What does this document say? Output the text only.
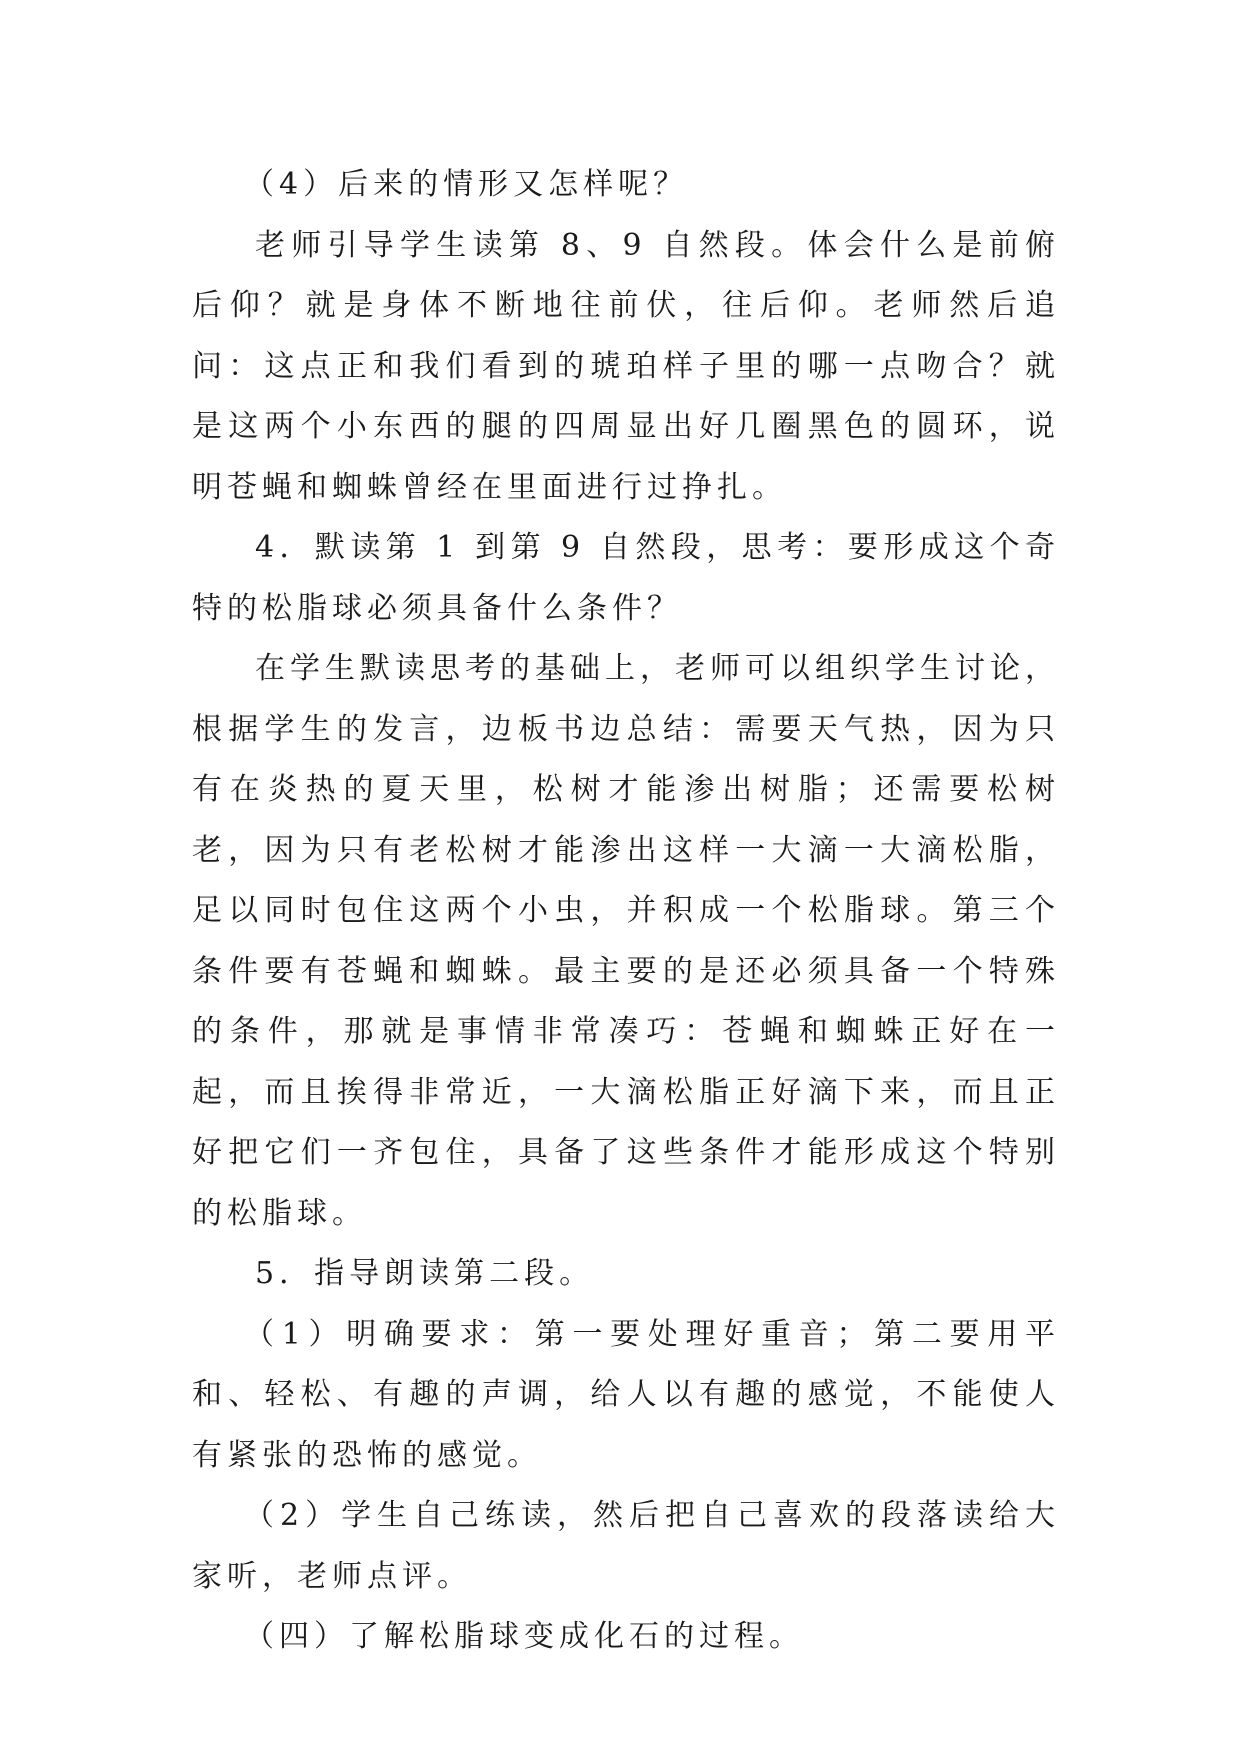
（4）后来的情形又怎样呢？

老师引导学生读第 8、9 自然段。体会什么是前俯后仰？就是身体不断地往前伏，往后仰。老师然后追问：这点正和我们看到的琥珀样子里的哪一点吻合？就是这两个小东西的腿的四周显出好几圈黑色的圆环，说明苍蝇和蜘蛛曾经在里面进行过挣扎。

4．默读第 1 到第 9 自然段，思考：要形成这个奇特的松脂球必须具备什么条件？

在学生默读思考的基础上，老师可以组织学生讨论，根据学生的发言，边板书边总结：需要天气热，因为只有在炎热的夏天里，松树才能渗出树脂；还需要松树老，因为只有老松树才能渗出这样一大滴一大滴松脂，足以同时包住这两个小虫，并积成一个松脂球。第三个条件要有苍蝇和蜘蛛。最主要的是还必须具备一个特殊的条件，那就是事情非常凑巧：苍蝇和蜘蛛正好在一起，而且挨得非常近，一大滴松脂正好滴下来，而且正好把它们一齐包住，具备了这些条件才能形成这个特别的松脂球。

5．指导朗读第二段。

（1）明确要求：第一要处理好重音；第二要用平和、轻松、有趣的声调，给人以有趣的感觉，不能使人有紧张的恐怖的感觉。

（2）学生自己练读，然后把自己喜欢的段落读给大家听，老师点评。

（四）了解松脂球变成化石的过程。
